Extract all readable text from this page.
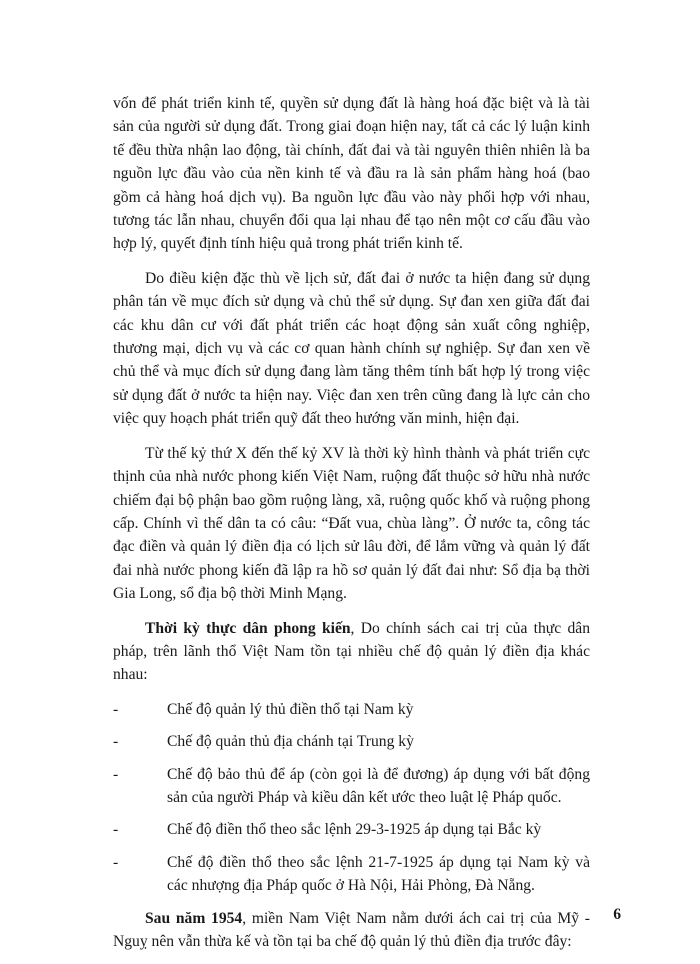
vốn để phát triển kinh tế, quyền sử dụng đất là hàng hoá đặc biệt và là tài sản của người sử dụng đất. Trong giai đoạn hiện nay, tất cả các lý luận kinh tế đều thừa nhận lao động, tài chính, đất đai và tài nguyên thiên nhiên là ba nguồn lực đầu vào của nền kinh tế và đầu ra là sản phẩm hàng hoá (bao gồm cả hàng hoá dịch vụ). Ba nguồn lực đầu vào này phối hợp với nhau, tương tác lẫn nhau, chuyển đổi qua lại nhau để tạo nên một cơ cấu đầu vào hợp lý, quyết định tính hiệu quả trong phát triển kinh tế.

Do điều kiện đặc thù về lịch sử, đất đai ở nước ta hiện đang sử dụng phân tán về mục đích sử dụng và chủ thể sử dụng. Sự đan xen giữa đất đai các khu dân cư với đất phát triển các hoạt động sản xuất công nghiệp, thương mại, dịch vụ và các cơ quan hành chính sự nghiệp. Sự đan xen về chủ thể và mục đích sử dụng đang làm tăng thêm tính bất hợp lý trong việc sử dụng đất ở nước ta hiện nay. Việc đan xen trên cũng đang là lực cản cho việc quy hoạch phát triển quỹ đất theo hướng văn minh, hiện đại.

Từ thế kỷ thứ X đến thế kỷ XV là thời kỳ hình thành và phát triển cực thịnh của nhà nước phong kiến Việt Nam, ruộng đất thuộc sở hữu nhà nước chiếm đại bộ phận bao gồm ruộng làng, xã, ruộng quốc khố và ruộng phong cấp. Chính vì thế dân ta có câu: “Đất vua, chùa làng”. Ở nước ta, công tác đạc điền và quản lý điền địa có lịch sử lâu đời, để lắm vững và quản lý đất đai nhà nước phong kiến đã lập ra hồ sơ quản lý đất đai như: Sổ địa bạ thời Gia Long, sổ địa bộ thời Minh Mạng.

Thời kỳ thực dân phong kiến, Do chính sách cai trị của thực dân pháp, trên lãnh thổ Việt Nam tồn tại nhiều chế độ quản lý điền địa khác nhau:

-	Chế độ quản lý thủ điền thổ tại Nam kỳ
-	Chế độ quản thủ địa chánh tại Trung kỳ
-	Chế độ bảo thủ để áp (còn gọi là để đương) áp dụng với bất động sản của người Pháp và kiều dân kết ước theo luật lệ Pháp quốc.
-	Chế độ điền thổ theo sắc lệnh 29-3-1925 áp dụng tại Bắc kỳ
-	Chế độ điền thổ theo sắc lệnh 21-7-1925 áp dụng tại Nam kỳ và các nhượng địa Pháp quốc ở Hà Nội, Hải Phòng, Đà Nẵng.

Sau năm 1954, miền Nam Việt Nam nằm dưới ách cai trị của Mỹ - Nguỵ nên vẫn thừa kế và tồn tại ba chế độ quản lý thủ điền địa trước đây:

6
